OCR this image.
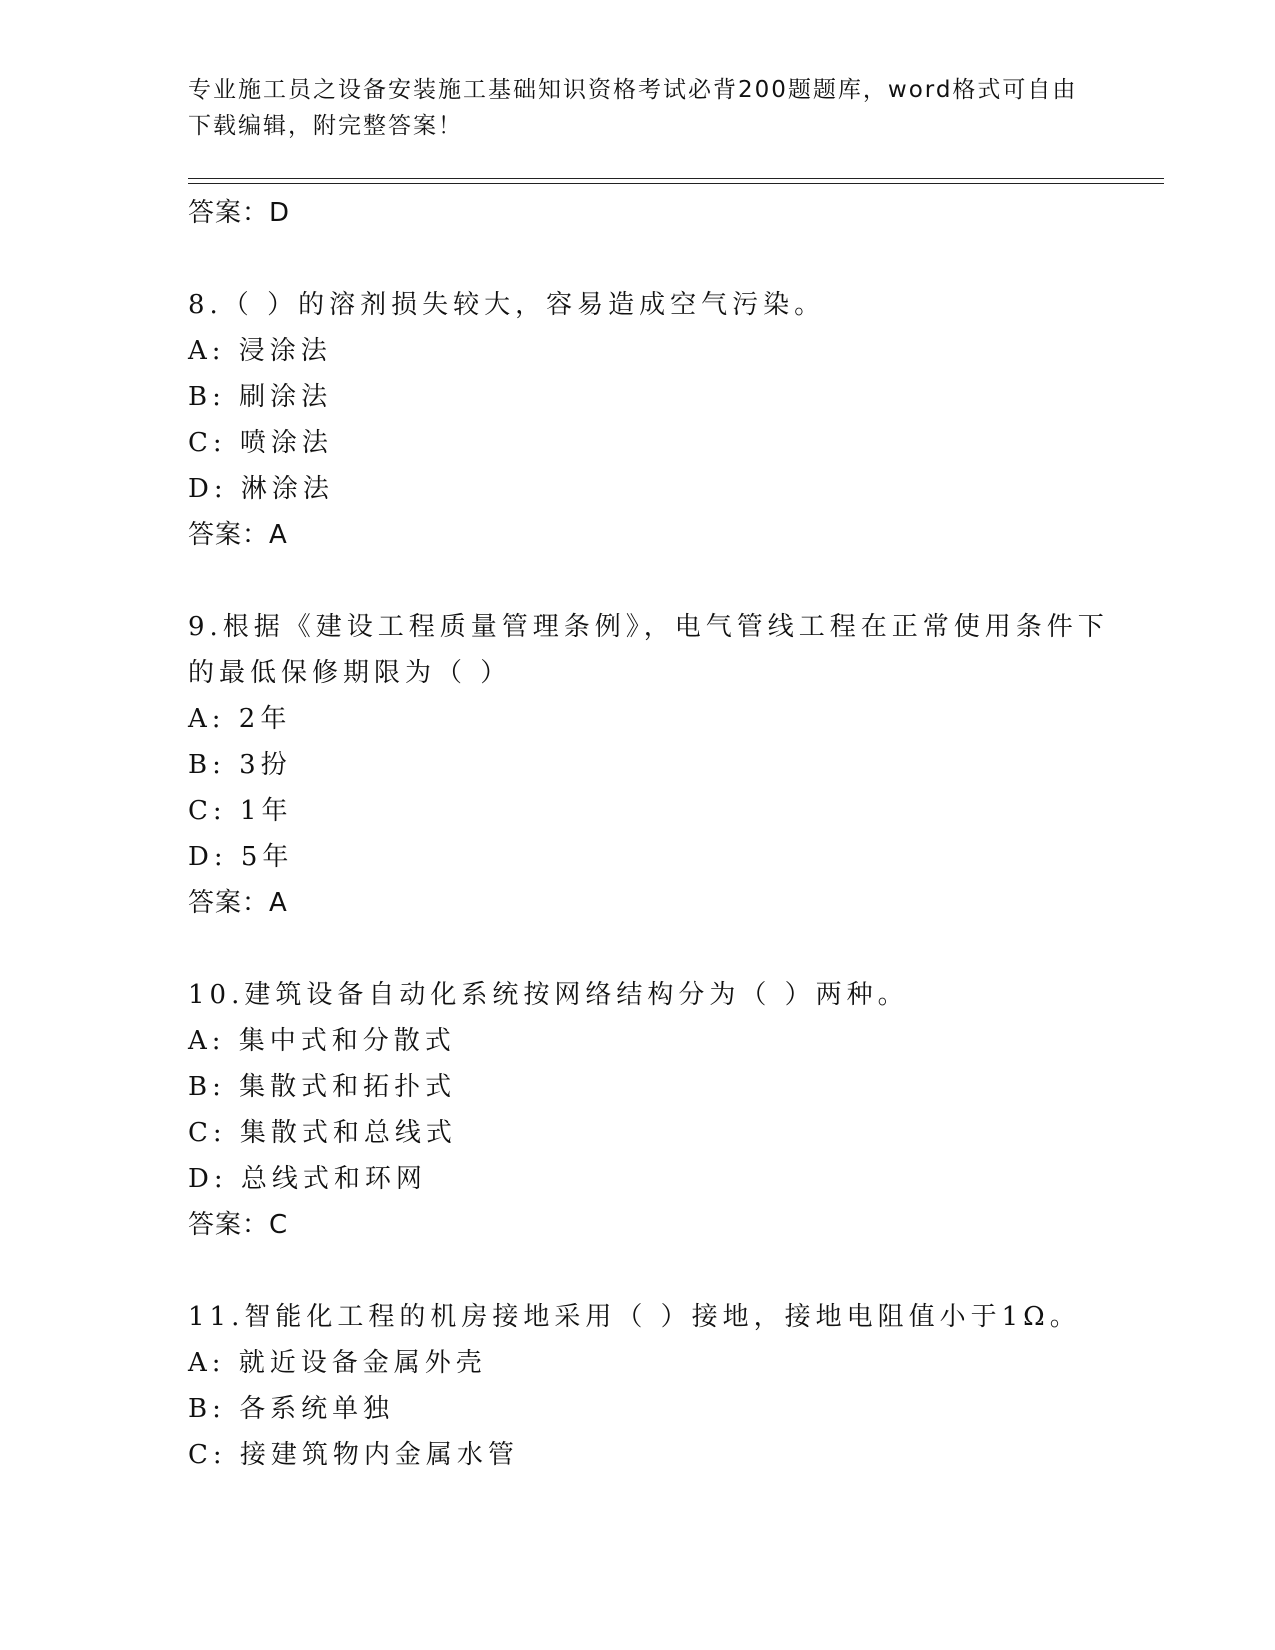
专业施工员之设备安装施工基础知识资格考试必背200题题库，word格式可自由
下载编辑，附完整答案！
答案：D
8.（ ）的溶剂损失较大，容易造成空气污染。
A: 浸涂法
B: 刷涂法
C: 喷涂法
D: 淋涂法
答案：A
9.根据《建设工程质量管理条例》，电气管线工程在正常使用条件下
的最低保修期限为（ ）
A: 2年
B: 3扮
C: 1年
D: 5年
答案：A
10.建筑设备自动化系统按网络结构分为（ ）两种。
A: 集中式和分散式
B: 集散式和拓扑式
C: 集散式和总线式
D: 总线式和环网
答案：C
11.智能化工程的机房接地采用（ ）接地，接地电阻值小于1Ω。
A: 就近设备金属外壳
B: 各系统单独
C: 接建筑物内金属水管
